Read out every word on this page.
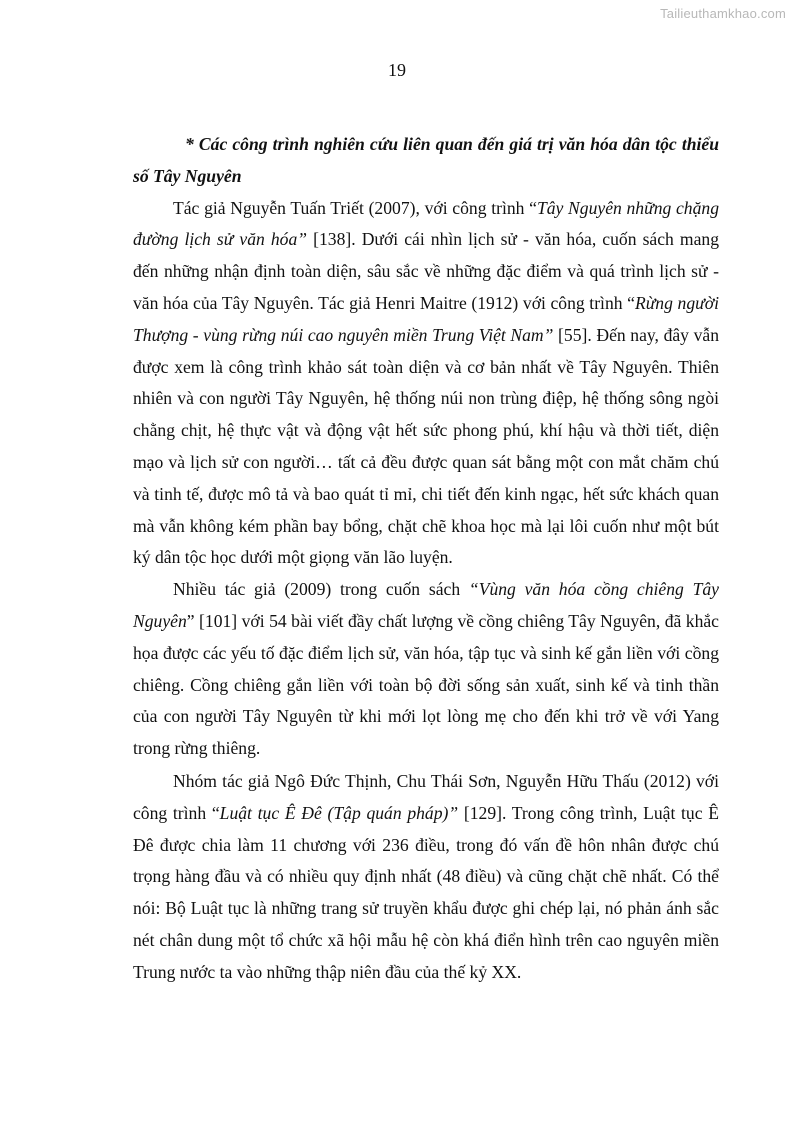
Tailieuthamkhao.com
19

* Các công trình nghiên cứu liên quan đến giá trị văn hóa dân tộc thiểu số Tây Nguyên

Tác giả Nguyễn Tuấn Triết (2007), với công trình “Tây Nguyên những chặng đường lịch sử văn hóa” [138]. Dưới cái nhìn lịch sử - văn hóa, cuốn sách mang đến những nhận định toàn diện, sâu sắc về những đặc điểm và quá trình lịch sử - văn hóa của Tây Nguyên. Tác giả Henri Maitre (1912) với công trình “Rừng người Thượng - vùng rừng núi cao nguyên miền Trung Việt Nam” [55]. Đến nay, đây vẫn được xem là công trình khảo sát toàn diện và cơ bản nhất về Tây Nguyên. Thiên nhiên và con người Tây Nguyên, hệ thống núi non trùng điệp, hệ thống sông ngòi chằng chịt, hệ thực vật và động vật hết sức phong phú, khí hậu và thời tiết, diện mạo và lịch sử con người… tất cả đều được quan sát bằng một con mắt chăm chú và tinh tế, được mô tả và bao quát tỉ mỉ, chi tiết đến kinh ngạc, hết sức khách quan mà vẫn không kém phần bay bổng, chặt chẽ khoa học mà lại lôi cuốn như một bút ký dân tộc học dưới một giọng văn lão luyện.

Nhiều tác giả (2009) trong cuốn sách “Vùng văn hóa cồng chiêng Tây Nguyên” [101] với 54 bài viết đầy chất lượng về cồng chiêng Tây Nguyên, đã khắc họa được các yếu tố đặc điểm lịch sử, văn hóa, tập tục và sinh kế gắn liền với cồng chiêng. Cồng chiêng gắn liền với toàn bộ đời sống sản xuất, sinh kế và tinh thần của con người Tây Nguyên từ khi mới lọt lòng mẹ cho đến khi trở về với Yang trong rừng thiêng.

Nhóm tác giả Ngô Đức Thịnh, Chu Thái Sơn, Nguyễn Hữu Thấu (2012) với công trình “Luật tục Ê Đê (Tập quán pháp)” [129]. Trong công trình, Luật tục Ê Đê được chia làm 11 chương với 236 điều, trong đó vấn đề hôn nhân được chú trọng hàng đầu và có nhiều quy định nhất (48 điều) và cũng chặt chẽ nhất. Có thể nói: Bộ Luật tục là những trang sử truyền khẩu được ghi chép lại, nó phản ánh sắc nét chân dung một tổ chức xã hội mẫu hệ còn khá điển hình trên cao nguyên miền Trung nước ta vào những thập niên đầu của thế kỷ XX.
